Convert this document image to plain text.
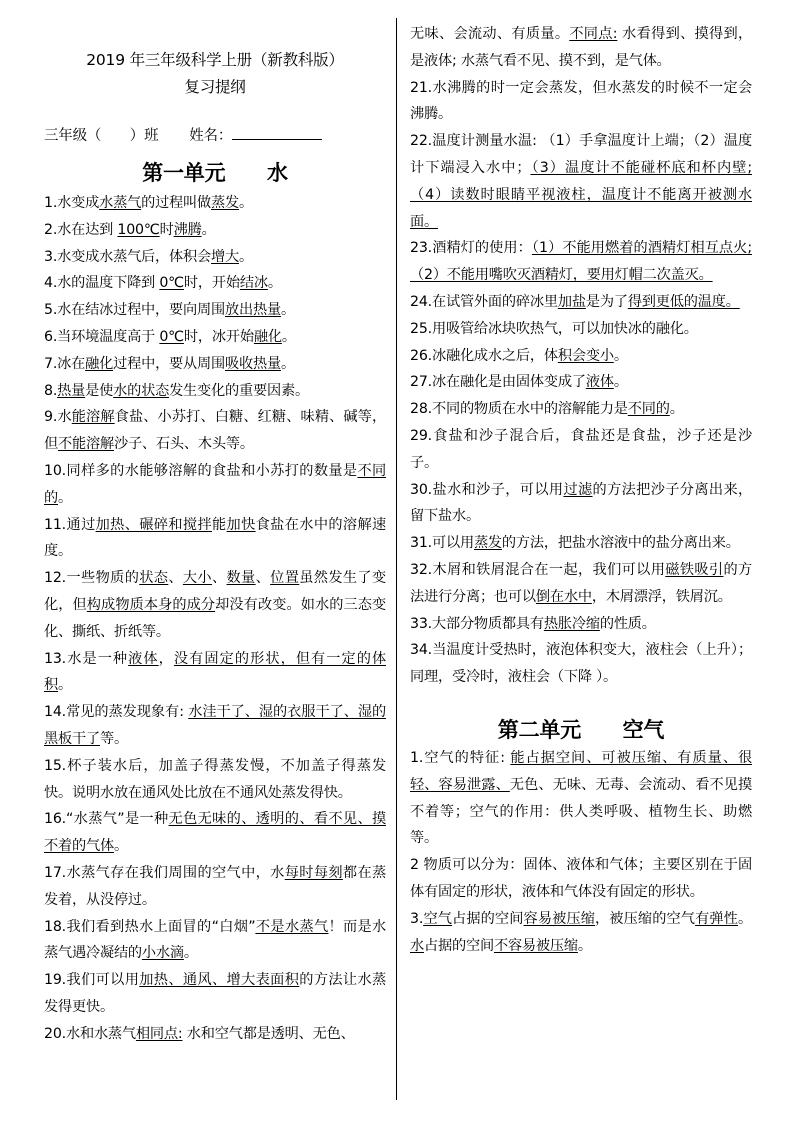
2019 年三年级科学上册（新教科版）
复习提纲
三年级（　　）班 姓名：
第一单元　　水

1.水变成水蒸气的过程叫做蒸发。

2.水在达到 100℃时沸腾。

3.水变成水蒸气后，体积会增大。

4.水的温度下降到 0℃时，开始结冰。

5.水在结冰过程中，要向周围放出热量。

6.当环境温度高于 0℃时，冰开始融化。

7.冰在融化过程中，要从周围吸收热量。

8.热量是使水的状态发生变化的重要因素。

9.水能溶解食盐、小苏打、白糖、红糖、味精、碱等，但不能溶解沙子、石头、木头等。

10.同样多的水能够溶解的食盐和小苏打的数量是不同的。

11.通过加热、碾碎和搅拌能加快食盐在水中的溶解速度。

12.一些物质的状态、大小、数量、位置虽然发生了变化，但构成物质本身的成分却没有改变。如水的三态变化、撕纸、折纸等。

13.水是一种液体，没有固定的形状，但有一定的体积。

14.常见的蒸发现象有: 水洼干了、湿的衣服干了、湿的黑板干了等。

15.杯子装水后，加盖子得蒸发慢，不加盖子得蒸发快。说明水放在通风处比放在不通风处蒸发得快。

16.“水蒸气”是一种无色无味的、透明的、看不见、摸不着的气体。

17.水蒸气存在我们周围的空气中，水每时每刻都在蒸发着，从没停过。

18.我们看到热水上面冒的“白烟”不是水蒸气！而是水蒸气遇冷凝结的小水滴。

19.我们可以用加热、通风、增大表面积的方法让水蒸发得更快。

20.水和水蒸气相同点: 水和空气都是透明、无色、

无味、会流动、有质量。不同点: 水看得到、摸得到，是液体; 水蒸气看不见、摸不到，是气体。

21.水沸腾的时一定会蒸发，但水蒸发的时候不一定会沸腾。

22.温度计测量水温: （1）手拿温度计上端；（2）温度计下端浸入水中；（3）温度计不能碰杯底和杯内壁; （4）读数时眼睛平视液柱，温度计不能离开被测水面。

23.酒精灯的使用：（1）不能用燃着的酒精灯相互点火; （2）不能用嘴吹灭酒精灯，要用灯帽二次盖灭。

24.在试管外面的碎冰里加盐是为了得到更低的温度。

25.用吸管给冰块吹热气，可以加快冰的融化。

26.冰融化成水之后，体积会变小。

27.冰在融化是由固体变成了液体。

28.不同的物质在水中的溶解能力是不同的。

29.食盐和沙子混合后，食盐还是食盐，沙子还是沙子。

30.盐水和沙子，可以用过滤的方法把沙子分离出来，留下盐水。

31.可以用蒸发的方法，把盐水溶液中的盐分离出来。

32.木屑和铁屑混合在一起，我们可以用磁铁吸引的方法进行分离；也可以倒在水中，木屑漂浮，铁屑沉。

33.大部分物质都具有热胀冷缩的性质。

34.当温度计受热时，液泡体积变大，液柱会（上升）；同理，受冷时，液柱会（下降 ）。

第二单元　　空气

1.空气的特征: 能占据空间、可被压缩、有质量、很轻、容易泄露、无色、无味、无毒、会流动、看不见摸不着等；空气的作用：供人类呼吸、植物生长、助燃等。

2 物质可以分为：固体、液体和气体；主要区别在于固体有固定的形状，液体和气体没有固定的形状。

3.空气占据的空间容易被压缩，被压缩的空气有弹性。水占据的空间不容易被压缩。
